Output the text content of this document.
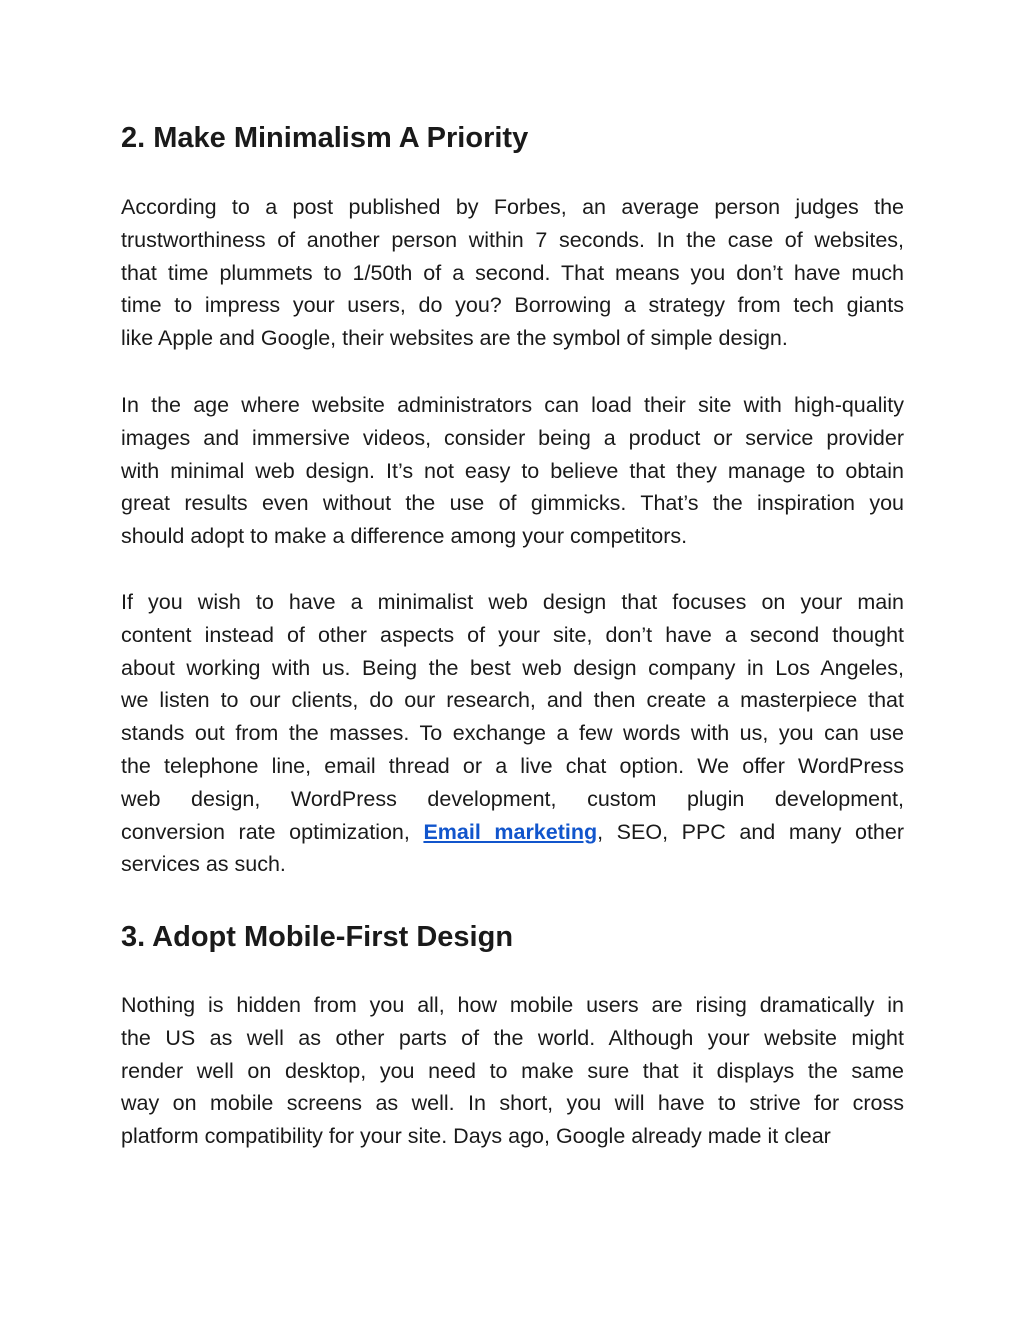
2. Make Minimalism A Priority

According to a post published by Forbes, an average person judges the
trustworthiness of another person within 7 seconds. In the case of websites,
that time plummets to 1/50th of a second. That means you don’t have much
time to impress your users, do you? Borrowing a strategy from tech giants
like Apple and Google, their websites are the symbol of simple design.

In the age where website administrators can load their site with high-quality
images and immersive videos, consider being a product or service provider
with minimal web design. It’s not easy to believe that they manage to obtain
great results even without the use of gimmicks. That’s the inspiration you
should adopt to make a difference among your competitors.

If you wish to have a minimalist web design that focuses on your main
content instead of other aspects of your site, don’t have a second thought
about working with us. Being the best web design company in Los Angeles,
we listen to our clients, do our research, and then create a masterpiece that
stands out from the masses. To exchange a few words with us, you can use
the telephone line, email thread or a live chat option. We offer WordPress
web design, WordPress development, custom plugin development,
conversion rate optimization, Email marketing, SEO, PPC and many other
services as such.

3. Adopt Mobile-First Design

Nothing is hidden from you all, how mobile users are rising dramatically in
the US as well as other parts of the world. Although your website might
render well on desktop, you need to make sure that it displays the same
way on mobile screens as well. In short, you will have to strive for cross
platform compatibility for your site. Days ago, Google already made it clear
